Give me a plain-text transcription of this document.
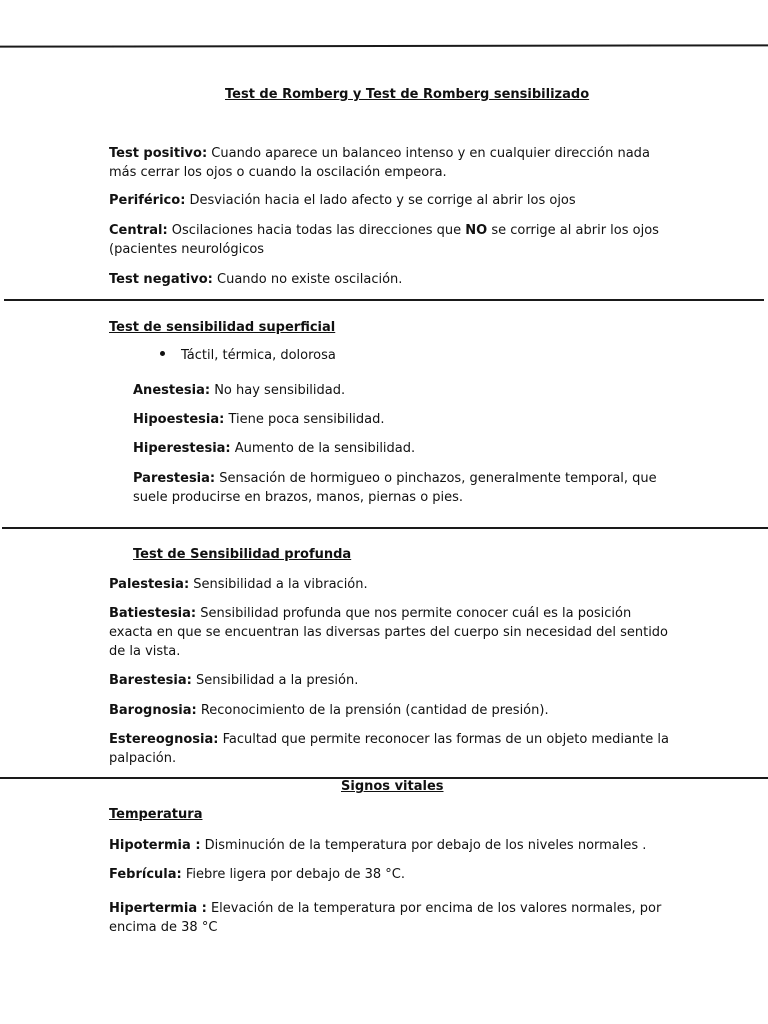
Test de Romberg y Test de Romberg sensibilizado
Test positivo: Cuando aparece un balanceo intenso y en cualquier dirección nada más cerrar los ojos o cuando la oscilación empeora.
Periférico: Desviación hacia el lado afecto y se corrige al abrir los ojos
Central: Oscilaciones hacia todas las direcciones que NO se corrige al abrir los ojos (pacientes neurológicos
Test negativo: Cuando no existe oscilación.
Test de sensibilidad superficial
Táctil, térmica, dolorosa
Anestesia: No hay sensibilidad.
Hipoestesia: Tiene poca sensibilidad.
Hiperestesia: Aumento de la sensibilidad.
Parestesia: Sensación de hormigueo o pinchazos, generalmente temporal, que suele producirse en brazos, manos, piernas o pies.
Test de Sensibilidad profunda
Palestesia: Sensibilidad a la vibración.
Batiestesia: Sensibilidad profunda que nos permite conocer cuál es la posición exacta en que se encuentran las diversas partes del cuerpo sin necesidad del sentido de la vista.
Barestesia: Sensibilidad a la presión.
Barognosia: Reconocimiento de la prensión (cantidad de presión).
Estereognosia: Facultad que permite reconocer las formas de un objeto mediante la palpación.
Signos vitales
Temperatura
Hipotermia : Disminución de la temperatura por debajo de los niveles normales .
Febrícula: Fiebre ligera por debajo de 38 °C.
Hipertermia : Elevación de la temperatura por encima de los valores normales, por encima de 38 °C
